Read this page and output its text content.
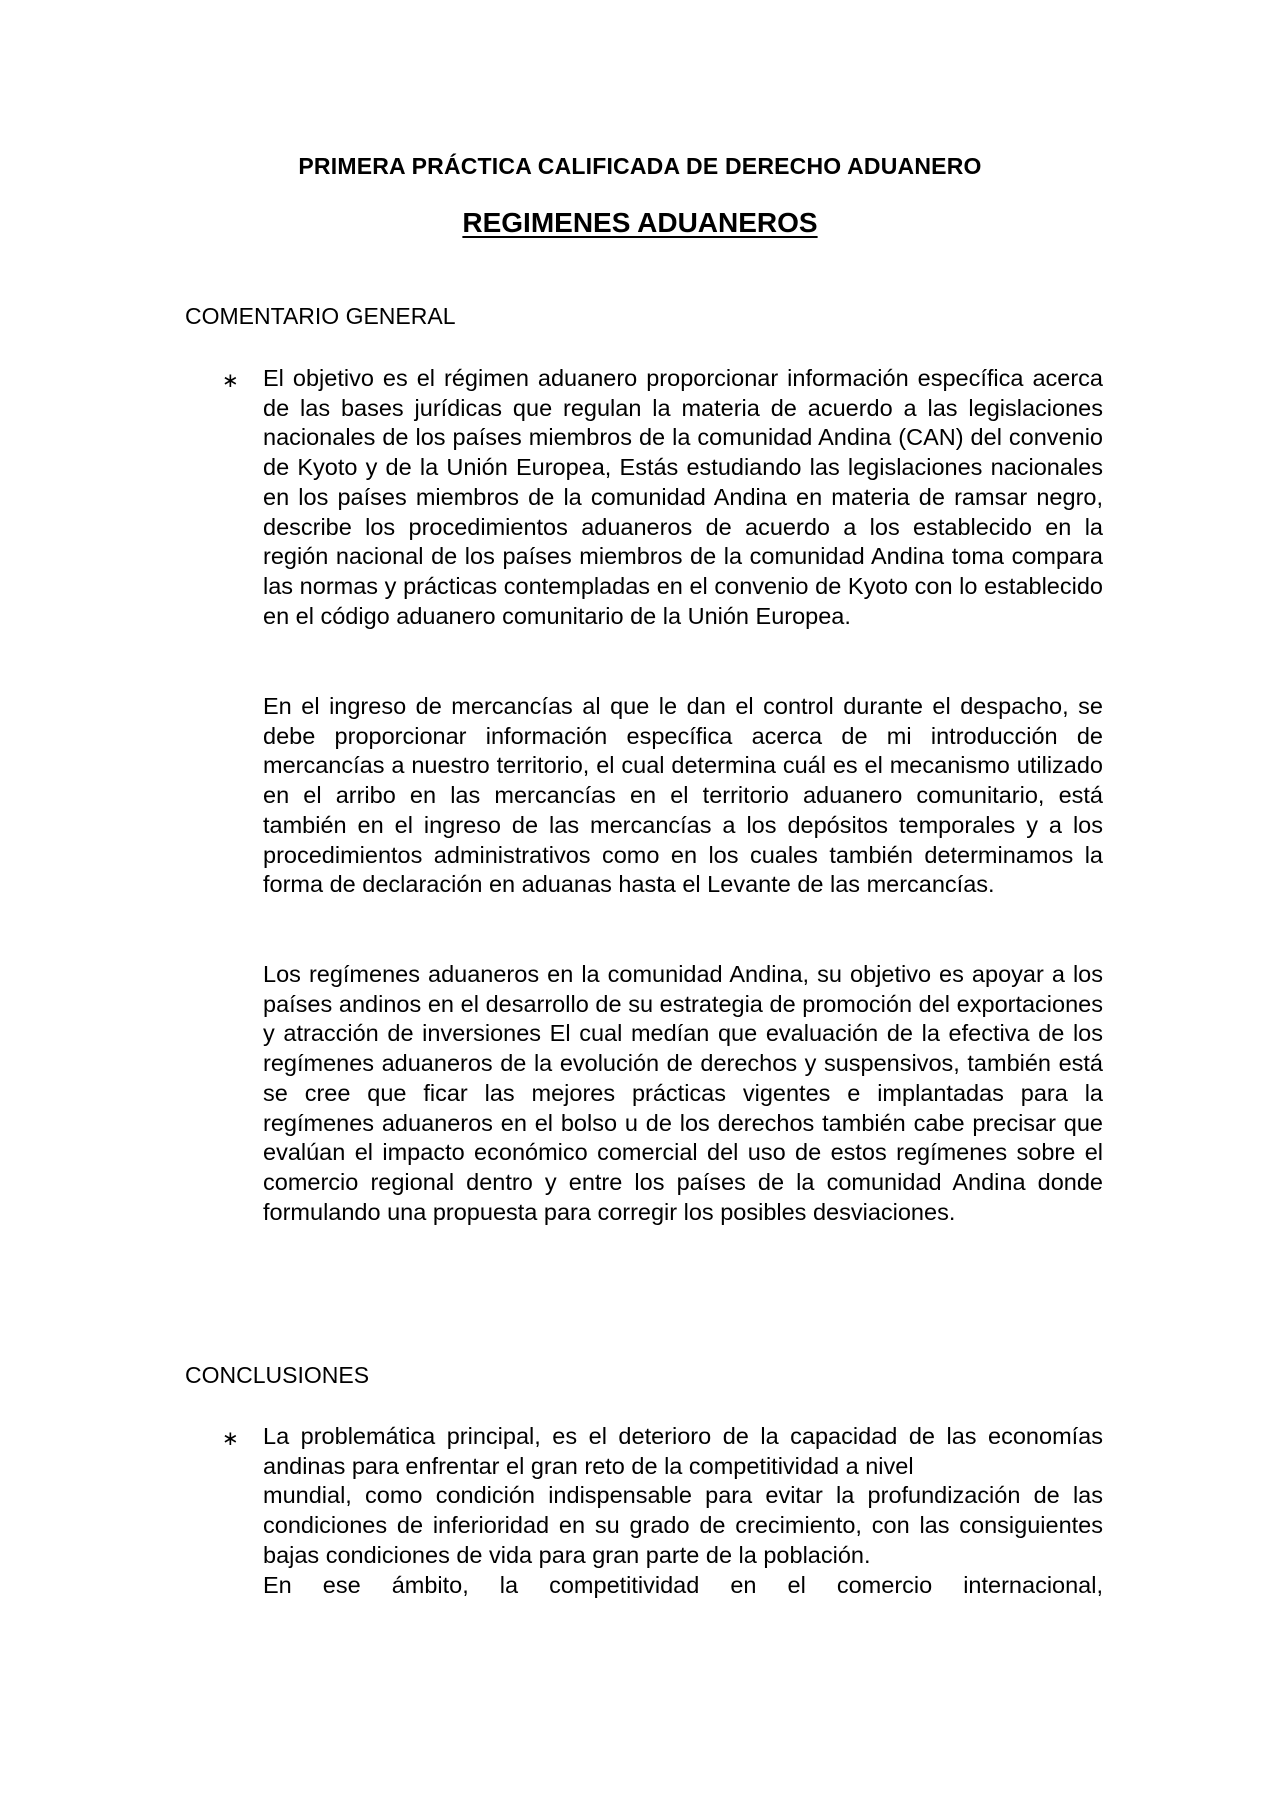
PRIMERA PRÁCTICA CALIFICADA DE DERECHO ADUANERO
REGIMENES ADUANEROS
COMENTARIO GENERAL
∗ El objetivo es el régimen aduanero proporcionar información específica acerca de las bases jurídicas que regulan la materia de acuerdo a las legislaciones nacionales de los países miembros de la comunidad Andina (CAN) del convenio de Kyoto y de la Unión Europea, Estás estudiando las legislaciones nacionales en los países miembros de la comunidad Andina en materia de ramsar negro, describe los procedimientos aduaneros de acuerdo a los establecido en la región nacional de los países miembros de la comunidad Andina toma compara las normas y prácticas contempladas en el convenio de Kyoto con lo establecido en el código aduanero comunitario de la Unión Europea.

En el ingreso de mercancías al que le dan el control durante el despacho, se debe proporcionar información específica acerca de mi introducción de mercancías a nuestro territorio, el cual determina cuál es el mecanismo utilizado en el arribo en las mercancías en el territorio aduanero comunitario, está también en el ingreso de las mercancías a los depósitos temporales y a los procedimientos administrativos como en los cuales también determinamos la forma de declaración en aduanas hasta el Levante de las mercancías.

Los regímenes aduaneros en la comunidad Andina, su objetivo es apoyar a los países andinos en el desarrollo de su estrategia de promoción del exportaciones y atracción de inversiones El cual medían que evaluación de la efectiva de los regímenes aduaneros de la evolución de derechos y suspensivos, también está se cree que ficar las mejores prácticas vigentes e implantadas para la regímenes aduaneros en el bolso u de los derechos también cabe precisar que evalúan el impacto económico comercial del uso de estos regímenes sobre el comercio regional dentro y entre los países de la comunidad Andina donde formulando una propuesta para corregir los posibles desviaciones.

CONCLUSIONES
∗ La problemática principal, es el deterioro de la capacidad de las economías andinas para enfrentar el gran reto de la competitividad a nivel
mundial, como condición indispensable para evitar la profundización de las condiciones de inferioridad en su grado de crecimiento, con las consiguientes bajas condiciones de vida para gran parte de la población.
En ese ámbito, la competitividad en el comercio internacional,
